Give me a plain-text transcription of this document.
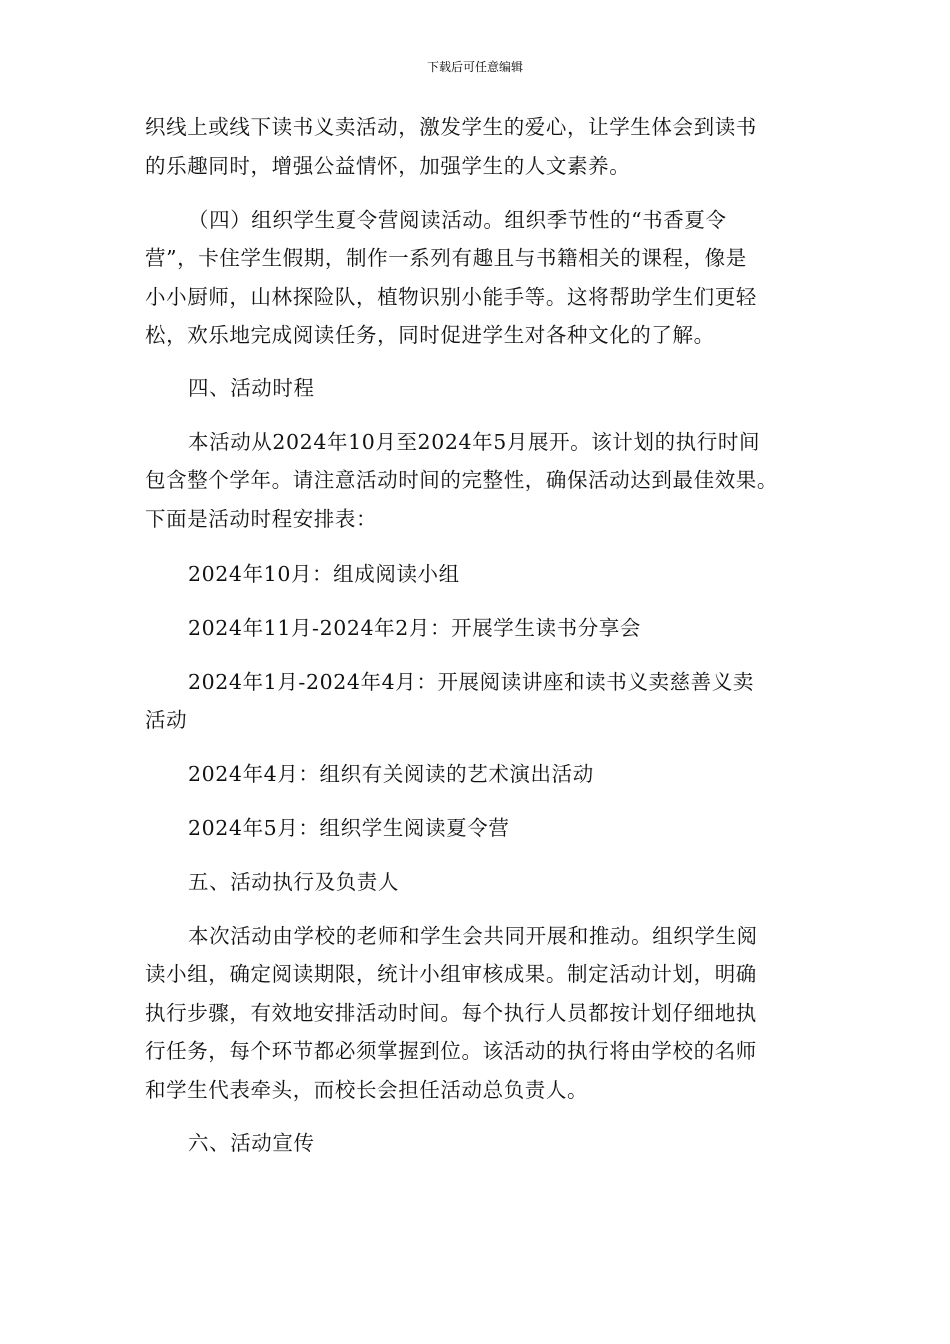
下载后可任意编辑
织线上或线下读书义卖活动，激发学生的爱心，让学生体会到读书
的乐趣同时，增强公益情怀，加强学生的人文素养。
（四）组织学生夏令营阅读活动。组织季节性的“书香夏令
营”，卡住学生假期，制作一系列有趣且与书籍相关的课程，像是
小小厨师，山林探险队，植物识别小能手等。这将帮助学生们更轻
松，欢乐地完成阅读任务，同时促进学生对各种文化的了解。
四、活动时程
本活动从2024年10月至2024年5月展开。该计划的执行时间
包含整个学年。请注意活动时间的完整性，确保活动达到最佳效果。
下面是活动时程安排表：
2024年10月：组成阅读小组
2024年11月-2024年2月：开展学生读书分享会
2024年1月-2024年4月：开展阅读讲座和读书义卖慈善义卖
活动
2024年4月：组织有关阅读的艺术演出活动
2024年5月：组织学生阅读夏令营
五、活动执行及负责人
本次活动由学校的老师和学生会共同开展和推动。组织学生阅
读小组，确定阅读期限，统计小组审核成果。制定活动计划，明确
执行步骤，有效地安排活动时间。每个执行人员都按计划仔细地执
行任务，每个环节都必须掌握到位。该活动的执行将由学校的名师
和学生代表牵头，而校长会担任活动总负责人。
六、活动宣传
